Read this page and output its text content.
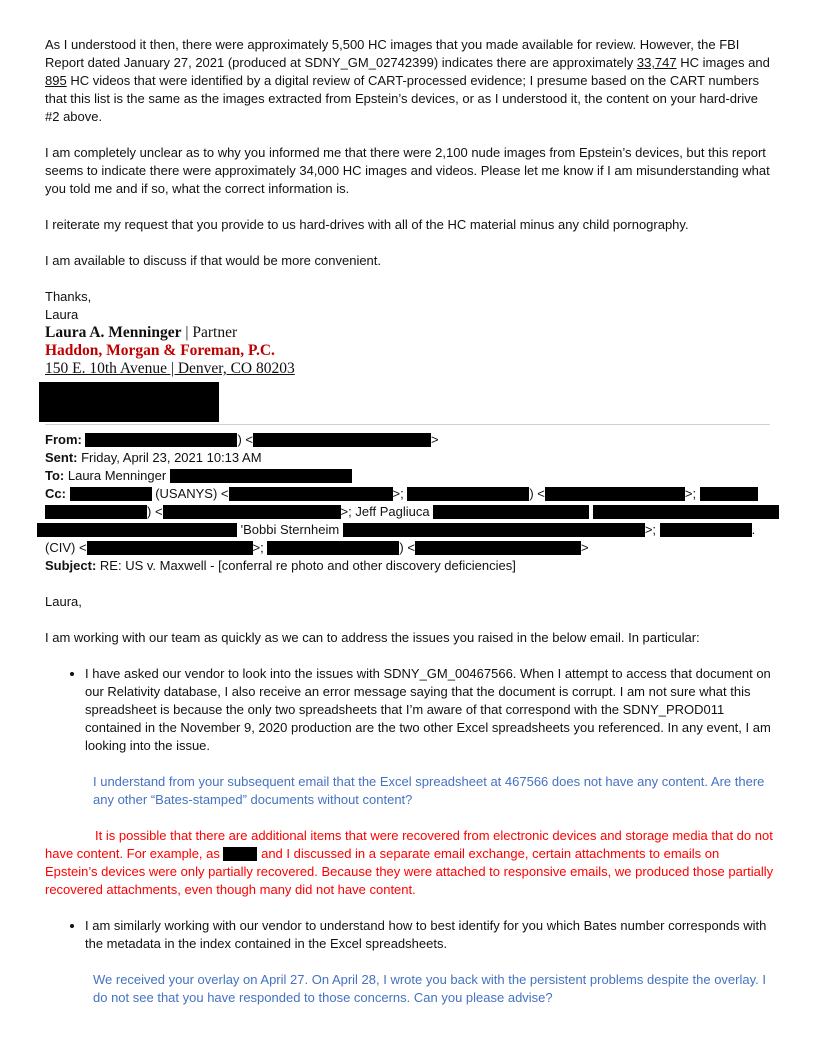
As I understood it then, there were approximately 5,500 HC images that you made available for review. However, the FBI Report dated January 27, 2021 (produced at SDNY_GM_02742399) indicates there are approximately 33,747 HC images and 895 HC videos that were identified by a digital review of CART-processed evidence; I presume based on the CART numbers that this list is the same as the images extracted from Epstein’s devices, or as I understood it, the content on your hard-drive #2 above.

I am completely unclear as to why you informed me that there were 2,100 nude images from Epstein’s devices, but this report seems to indicate there were approximately 34,000 HC images and videos. Please let me know if I am misunderstanding what you told me and if so, what the correct information is.

I reiterate my request that you provide to us hard-drives with all of the HC material minus any child pornography.

I am available to discuss if that would be more convenient.

Thanks,

Laura

Laura A. Menninger | Partner
Haddon, Morgan & Foreman, P.C.
150 E. 10th Avenue | Denver, CO 80203
From:	) <	>
Sent: Friday, April 23, 2021 10:13 AM
To: Laura Menninger
Cc:	(USANYS) <	>;	) <	>;
) <	>; Jeff Pagliuca
'Bobbi Sternheim	>;	.
(CIV) <	>;	) <	>
Subject: RE: US v. Maxwell - [conferral re photo and other discovery deficiencies]

Laura,

I am working with our team as quickly as we can to address the issues you raised in the below email. In particular:

• I have asked our vendor to look into the issues with SDNY_GM_00467566. When I attempt to access that document on our Relativity database, I also receive an error message saying that the document is corrupt. I am not sure what this spreadsheet is because the only two spreadsheets that I’m aware of that correspond with the SDNY_PROD011 contained in the November 9, 2020 production are the two other Excel spreadsheets you referenced. In any event, I am looking into the issue.

I understand from your subsequent email that the Excel spreadsheet at 467566 does not have any content. Are there any other “Bates-stamped” documents without content?

It is possible that there are additional items that were recovered from electronic devices and storage media that do not have content. For example, as	and I discussed in a separate email exchange, certain attachments to emails on Epstein’s devices were only partially recovered. Because they were attached to responsive emails, we produced those partially recovered attachments, even though many did not have content.

• I am similarly working with our vendor to understand how to best identify for you which Bates number corresponds with the metadata in the index contained in the Excel spreadsheets.

We received your overlay on April 27. On April 28, I wrote you back with the persistent problems despite the overlay. I do not see that you have responded to those concerns. Can you please advise?
